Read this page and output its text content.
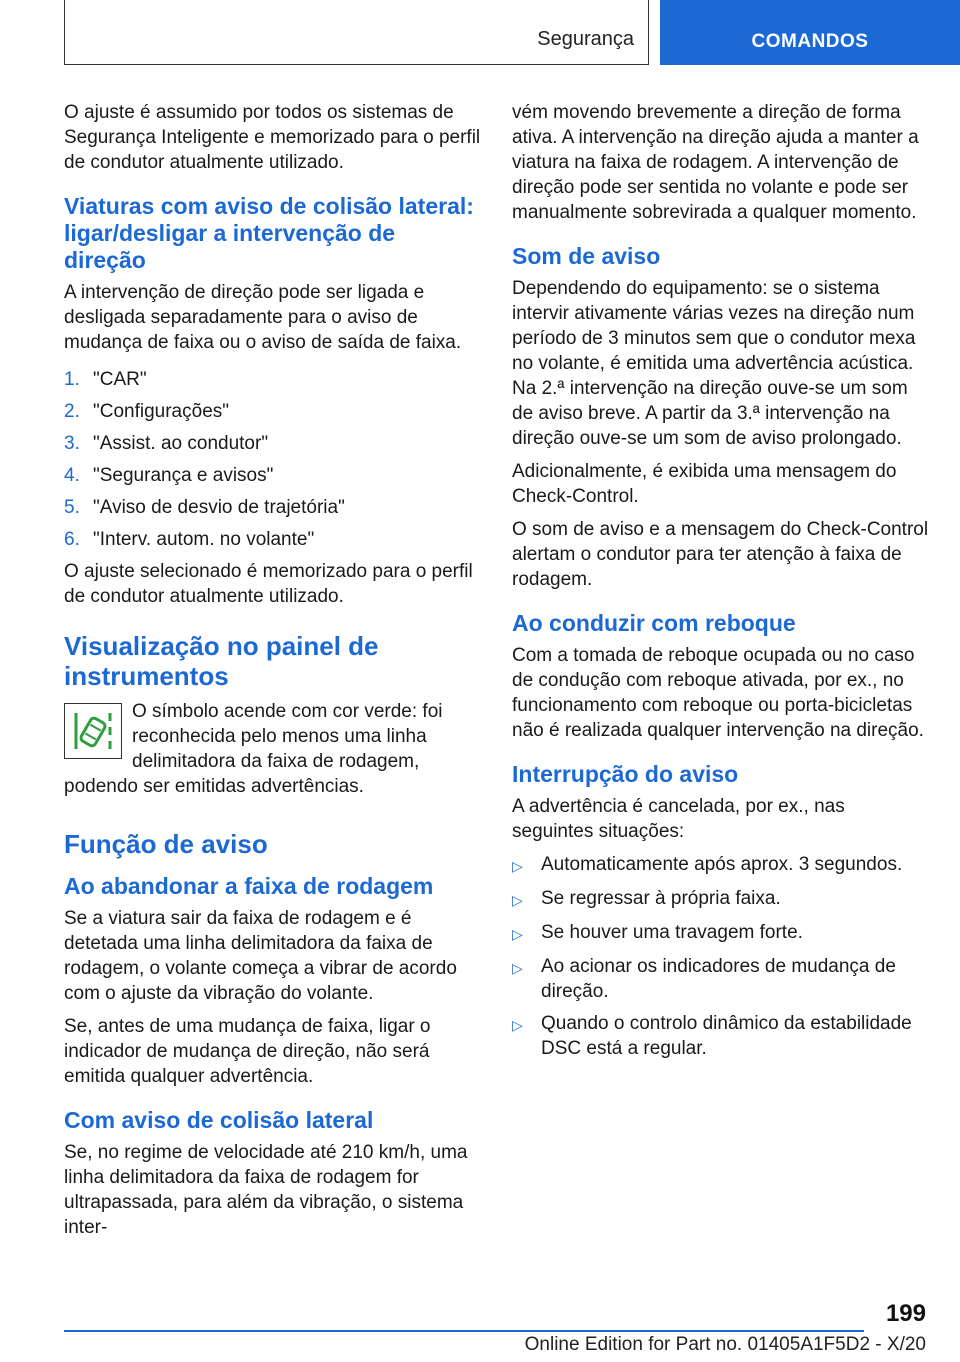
Segurança	COMANDOS

O ajuste é assumido por todos os sistemas de Segurança Inteligente e memorizado para o perfil de condutor atualmente utilizado.

Viaturas com aviso de colisão lateral: ligar/desligar a intervenção de direção

A intervenção de direção pode ser ligada e desligada separadamente para o aviso de mudança de faixa ou o aviso de saída de faixa.

1. "CAR"
2. "Configurações"
3. "Assist. ao condutor"
4. "Segurança e avisos"
5. "Aviso de desvio de trajetória"
6. "Interv. autom. no volante"

O ajuste selecionado é memorizado para o perfil de condutor atualmente utilizado.

Visualização no painel de instrumentos

O símbolo acende com cor verde: foi reconhecida pelo menos uma linha delimitadora da faixa de rodagem, podendo ser emitidas advertências.

Função de aviso
Ao abandonar a faixa de rodagem

Se a viatura sair da faixa de rodagem e é detetada uma linha delimitadora da faixa de rodagem, o volante começa a vibrar de acordo com o ajuste da vibração do volante.

Se, antes de uma mudança de faixa, ligar o indicador de mudança de direção, não será emitida qualquer advertência.

Com aviso de colisão lateral

Se, no regime de velocidade até 210 km/h, uma linha delimitadora da faixa de rodagem for ultrapassada, para além da vibração, o sistema inter-

vém movendo brevemente a direção de forma ativa. A intervenção na direção ajuda a manter a viatura na faixa de rodagem. A intervenção de direção pode ser sentida no volante e pode ser manualmente sobrevirada a qualquer momento.

Som de aviso

Dependendo do equipamento: se o sistema intervir ativamente várias vezes na direção num período de 3 minutos sem que o condutor mexa no volante, é emitida uma advertência acústica. Na 2.ª intervenção na direção ouve-se um som de aviso breve. A partir da 3.ª intervenção na direção ouve-se um som de aviso prolongado.

Adicionalmente, é exibida uma mensagem do Check-Control.

O som de aviso e a mensagem do Check-Control alertam o condutor para ter atenção à faixa de rodagem.

Ao conduzir com reboque

Com a tomada de reboque ocupada ou no caso de condução com reboque ativada, por ex., no funcionamento com reboque ou porta-bicicletas não é realizada qualquer intervenção na direção.

Interrupção do aviso

A advertência é cancelada, por ex., nas seguintes situações:

▷ Automaticamente após aprox. 3 segundos.
▷ Se regressar à própria faixa.
▷ Se houver uma travagem forte.
▷ Ao acionar os indicadores de mudança de direção.
▷ Quando o controlo dinâmico da estabilidade DSC está a regular.
199
Online Edition for Part no. 01405A1F5D2 - X/20
